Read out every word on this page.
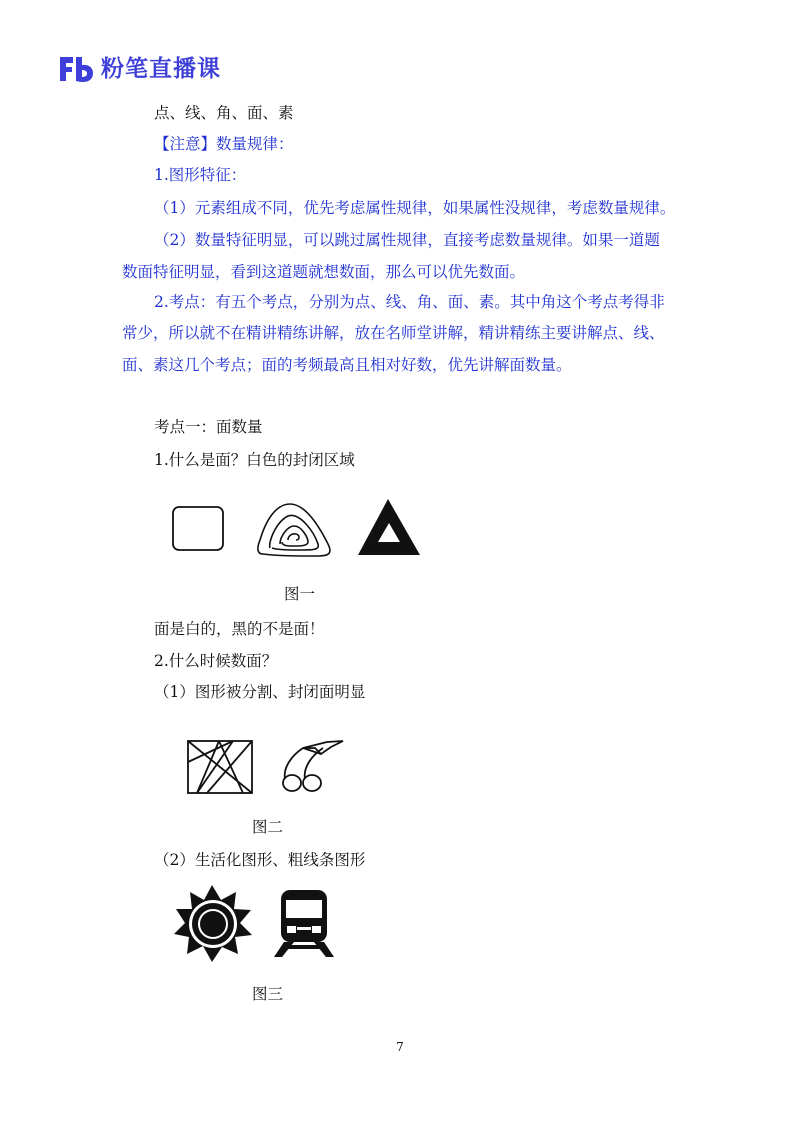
粉笔直播课
点、线、角、面、素
【注意】数量规律：
1.图形特征：
（1）元素组成不同，优先考虑属性规律，如果属性没规律，考虑数量规律。
（2）数量特征明显，可以跳过属性规律，直接考虑数量规律。如果一道题
数面特征明显，看到这道题就想数面，那么可以优先数面。
2.考点：有五个考点，分别为点、线、角、面、素。其中角这个考点考得非
常少，所以就不在精讲精练讲解，放在名师堂讲解，精讲精练主要讲解点、线、
面、素这几个考点；面的考频最高且相对好数，优先讲解面数量。
考点一：面数量
1.什么是面？白色的封闭区域
图一
面是白的，黑的不是面！
2.什么时候数面？
（1）图形被分割、封闭面明显
图二
（2）生活化图形、粗线条图形
图三
7
